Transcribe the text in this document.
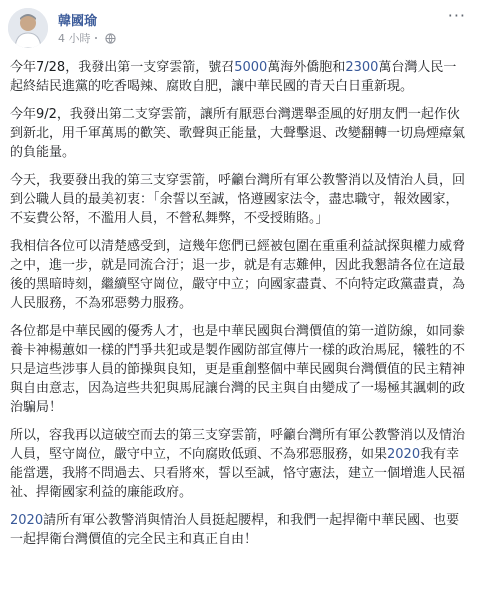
韓國瑜
4 小時・
···

今年7/28，我發出第一支穿雲箭，號召5000萬海外僑胞和2300萬台灣人民一起終結民進黨的吃香喝辣、腐敗自肥，讓中華民國的青天白日重新現。

今年9/2，我發出第二支穿雲箭，讓所有厭惡台灣選舉歪風的好朋友們一起作伙到新北，用千軍萬馬的歡笑、歌聲與正能量，大聲擊退、改變翻轉一切鳥煙瘴氣的負能量。

今天，我要發出我的第三支穿雲箭，呼籲台灣所有軍公教警消以及情治人員，回到公職人員的最美初衷：「余誓以至誠，恪遵國家法令，盡忠職守，報效國家，不妄費公帑，不濫用人員，不營私舞弊，不受授賄賂。」

我相信各位可以清楚感受到，這幾年您們已經被包圍在重重利益試探與權力威脅之中，進一步，就是同流合汙；退一步，就是有志難伸，因此我懇請各位在這最後的黑暗時刻，繼續堅守崗位，嚴守中立；向國家盡責、不向特定政黨盡責，為人民服務，不為邪惡勢力服務。

各位都是中華民國的優秀人才，也是中華民國與台灣價值的第一道防線，如同豢養卡神楊蕙如一樣的鬥爭共犯或是製作國防部宣傳片一樣的政治馬屁，犧牲的不只是這些涉事人員的節操與良知，更是重創整個中華民國與台灣價值的民主精神與自由意志，因為這些共犯與馬屁讓台灣的民主與自由變成了一場極其諷刺的政治騙局！

所以，容我再以這破空而去的第三支穿雲箭，呼籲台灣所有軍公教警消以及情治人員，堅守崗位，嚴守中立，不向腐敗低頭、不為邪惡服務，如果2020我有幸能當選，我將不問過去、只看將來，誓以至誠，恪守憲法，建立一個增進人民福祉、捍衛國家利益的廉能政府。

2020請所有軍公教警消與情治人員挺起腰桿，和我們一起捍衛中華民國、也要一起捍衛台灣價值的完全民主和真正自由！
